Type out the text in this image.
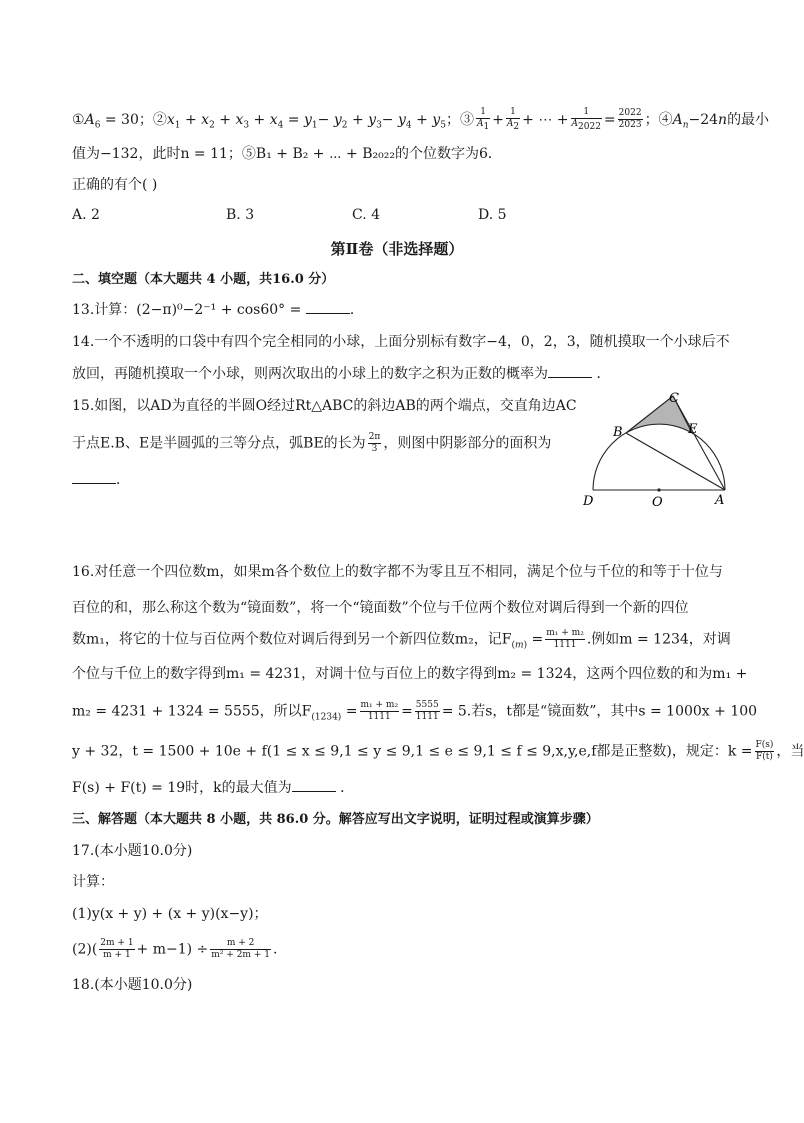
$①A_6 = 30$；$②x_1 + x_2 + x_3 + x_4 = y_1- y_2 + y_3- y_4 + y_5$；③ $\frac{1}{A_1} + \frac{1}{A_2}$ + ⋯ + $\frac{1}{A_{2022}} = \frac{2022}{2023}$ ；$④A_n-24n$的最小
值为−132，此时n = 11；⑤B₁ + B₂ + ⋯ + B₂₀₂₂的个位数字为6．
正确的有个( )
A. 2	B. 3	C. 4	D. 5
第Ⅱ卷（非选择题）
二、填空题（本大题共 4 小题，共16.0 分）
13.计算：(2−π)⁰−2⁻¹ + cos60° =	．
14.一个不透明的口袋中有四个完全相同的小球，上面分别标有数字−4，0，2，3，随机摸取一个小球后不
放回，再随机摸取一个小球，则两次取出的小球上的数字之积为正数的概率为	．
15.如图，以AD为直径的半圆O经过Rt△ABC的斜边AB的两个端点，交直角边AC
于点E.B、E是半圆弧的三等分点，弧BE的长为 $\frac{2\pi}{3}$ ，则图中阴影部分的面积为
．
C
B	E
D	O	A
16.对任意一个四位数m，如果m各个数位上的数字都不为零且互不相同，满足个位与千位的和等于十位与
百位的和，那么称这个数为“镜面数”，将一个“镜面数”个位与千位两个数位对调后得到一个新的四位
数m₁，将它的十位与百位两个数位对调后得到另一个新四位数m₂，记$F_{(m)} = \frac{\text{m₁ + m₂}}{1111}$ .例如m = 1234，对调
个位与千位上的数字得到m₁ = 4231，对调十位与百位上的数字得到m₂ = 1324，这两个四位数的和为m₁ +
m₂ = 4231 + 1324 = 5555，所以$F_{(1234)} = \frac{\text{m₁ + m₂}}{1111} = \frac{5555}{1111} = 5$.若s，t都是“镜面数”，其中s = 1000x + 100
y + 32，t = 1500 + 10e + f(1 ≤ x ≤ 9,1 ≤ y ≤ 9,1 ≤ e ≤ 9,1 ≤ f ≤ 9,x,y,e,f都是正整数)，规定：$k = \frac{F(s)}{F(t)}$ ，当
F(s) + F(t) = 19时，k的最大值为	．
三、解答题（本大题共 8 小题，共 86.0 分。解答应写出文字说明，证明过程或演算步骤）
17.(本小题10.0分)
计算：
(1)y(x + y) + (x + y)(x−y)；
$(2)( \frac{2m + 1}{m + 1} + m-1) \div \frac{m + 2}{\text{m² + 2m + 1}}$ .
18.(本小题10.0分)
